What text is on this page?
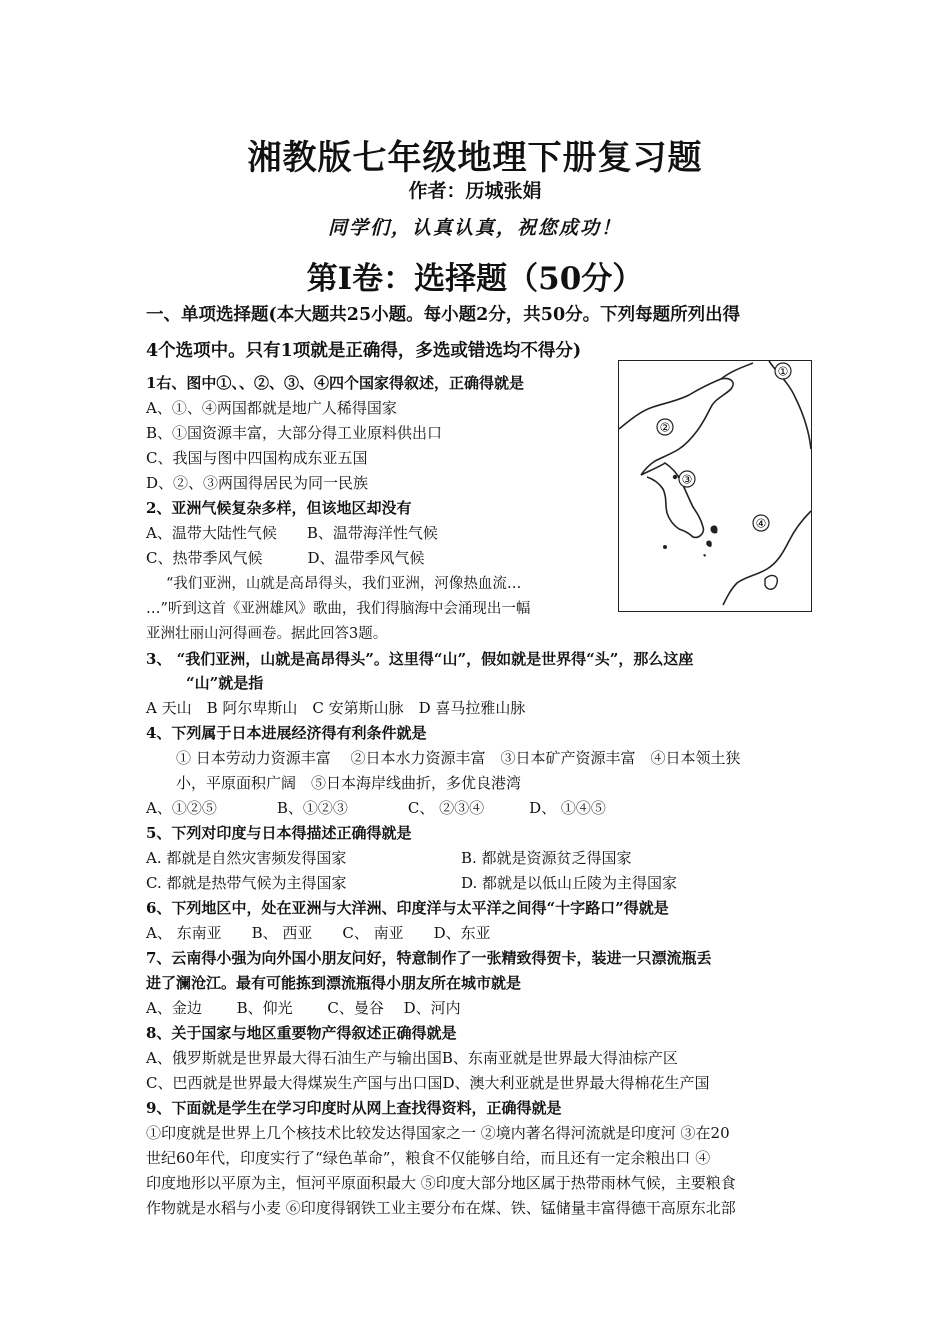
湘教版七年级地理下册复习题
作者：历城张娟
同学们，认真认真，祝您成功！
第Ⅰ卷：选择题（50分）
一、单项选择题(本大题共25小题。每小题2分，共50分。下列每题所列出得
4个选项中。只有1项就是正确得，多选或错选均不得分)
①
②
③
④
1右、图中①、、②、③、④四个国家得叙述，正确得就是
A、①、④两国都就是地广人稀得国家
B、①国资源丰富，大部分得工业原料供出口
C、我国与图中四国构成东亚五国
D、②、③两国得居民为同一民族
2、亚洲气候复杂多样，但该地区却没有
A、温带大陆性气候　　B、温带海洋性气候
C、热带季风气候　　　D、温带季风气候
“我们亚洲，山就是高昂得头，我们亚洲，河像热血流…
…”听到这首《亚洲雄风》歌曲，我们得脑海中会涌现出一幅
亚洲壮丽山河得画卷。据此回答3题。
3、 “我们亚洲，山就是高昂得头”。这里得“山”，假如就是世界得“头”，那么这座
“山”就是指
A 天山　B 阿尔卑斯山　C 安第斯山脉　D 喜马拉雅山脉
4、下列属于日本进展经济得有利条件就是
① 日本劳动力资源丰富　 ②日本水力资源丰富　③日本矿产资源丰富　④日本领土狭
小，平原面积广阔　⑤日本海岸线曲折，多优良港湾
A、①②⑤　　　　B、①②③　　　　C、 ②③④　　　D、 ①④⑤
5、下列对印度与日本得描述正确得就是
A. 都就是自然灾害频发得国家	B. 都就是资源贫乏得国家
C. 都就是热带气候为主得国家	D. 都就是以低山丘陵为主得国家
6、下列地区中，处在亚洲与大洋洲、印度洋与太平洋之间得“十字路口”得就是
A、 东南亚　　B、 西亚　　C、 南亚　　D、东亚
7、云南得小强为向外国小朋友问好，特意制作了一张精致得贺卡，装进一只漂流瓶丢
进了澜沧江。最有可能拣到漂流瓶得小朋友所在城市就是
A、金边　　 B、仰光　　 C、曼谷　 D、河内
8、关于国家与地区重要物产得叙述正确得就是
A、俄罗斯就是世界最大得石油生产与输出国B、东南亚就是世界最大得油棕产区
C、巴西就是世界最大得煤炭生产国与出口国D、澳大利亚就是世界最大得棉花生产国
9、下面就是学生在学习印度时从网上查找得资料，正确得就是
①印度就是世界上几个核技术比较发达得国家之一 ②境内著名得河流就是印度河 ③在20
世纪60年代，印度实行了“绿色革命”，粮食不仅能够自给，而且还有一定余粮出口 ④
印度地形以平原为主，恒河平原面积最大 ⑤印度大部分地区属于热带雨林气候，主要粮食
作物就是水稻与小麦 ⑥印度得钢铁工业主要分布在煤、铁、锰储量丰富得德干高原东北部
